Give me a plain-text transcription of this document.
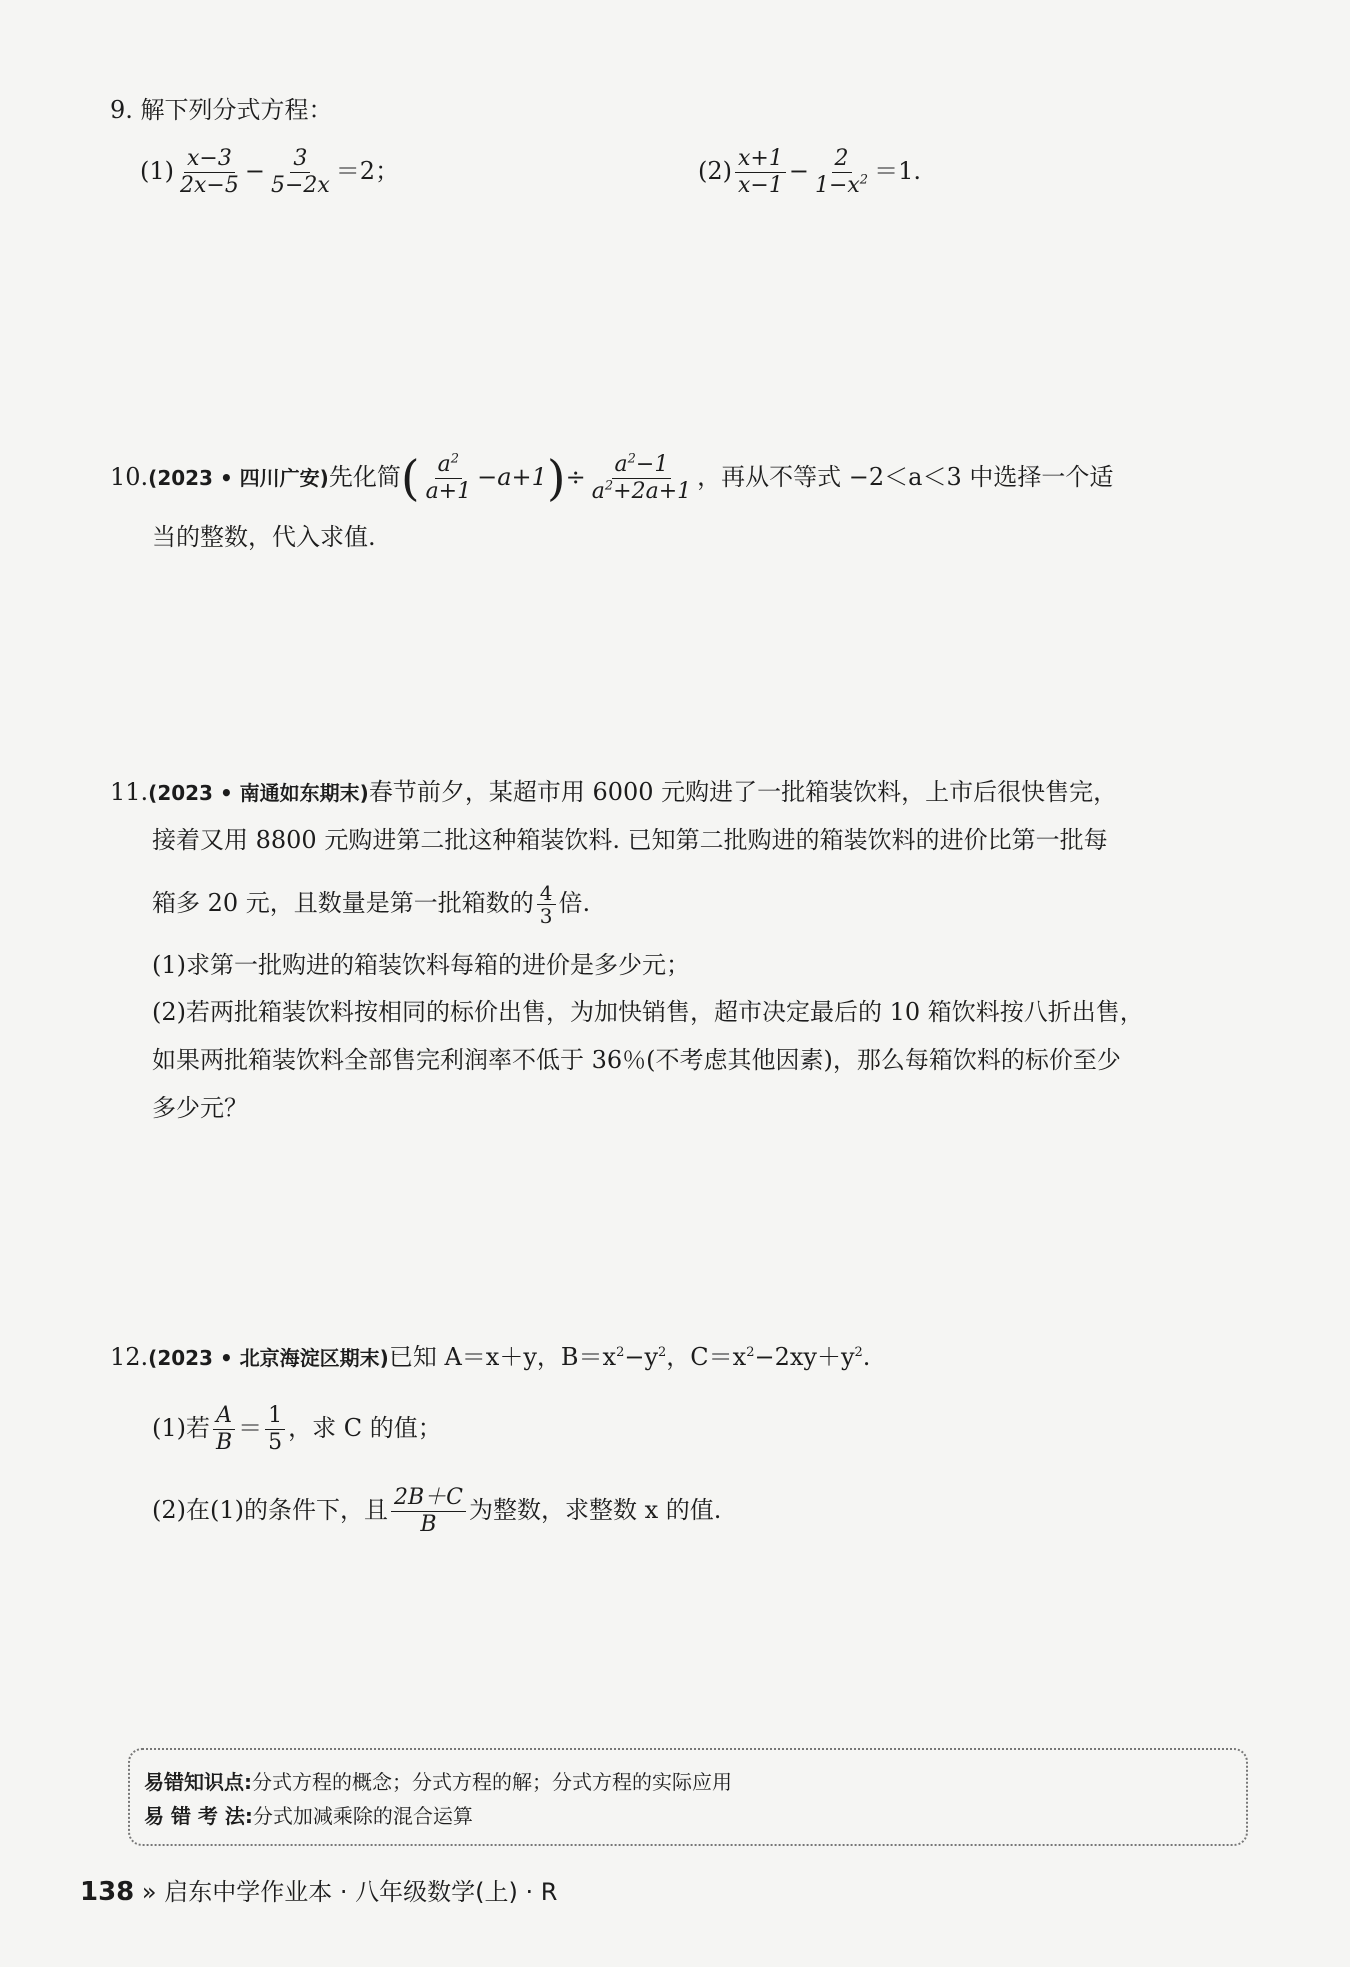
9. 解下列分式方程：
$(1) \frac{x-3}{2x-5} - \frac{3}{5-2x} =2$；	$(2) \frac{x+1}{x-1} - \frac{2}{1-x^2} =1$.
10.(2023 • 四川广安)先化简( $\frac{a^2}{a+1} -a+1)\div \frac{a^2-1}{a^2+2a+1}$ ，再从不等式 −2＜a＜3 中选择一个适
当的整数，代入求值.
11.(2023 • 南通如东期末)春节前夕，某超市用 6000 元购进了一批箱装饮料，上市后很快售完，
接着又用 8800 元购进第二批这种箱装饮料. 已知第二批购进的箱装饮料的进价比第一批每
箱多 20 元，且数量是第一批箱数的 $\frac{4}{3}$ 倍.
(1)求第一批购进的箱装饮料每箱的进价是多少元；
(2)若两批箱装饮料按相同的标价出售，为加快销售，超市决定最后的 10 箱饮料按八折出售，
如果两批箱装饮料全部售完利润率不低于 36％(不考虑其他因素)，那么每箱饮料的标价至少
多少元？
12.(2023 • 北京海淀区期末)已知 A＝x＋y，$B=x^2-y^2$，$C=x^2-2xy+y^2$.
(1)若 $\frac{A}{B} = \frac{1}{5}$ ，求 C 的值；
(2)在(1)的条件下，且 $\frac{2B+C}{B}$ 为整数，求整数 x 的值.
易错知识点:分式方程的概念；分式方程的解；分式方程的实际应用
易 错 考 法:分式加减乘除的混合运算
138 » 启东中学作业本 · 八年级数学(上) · R
